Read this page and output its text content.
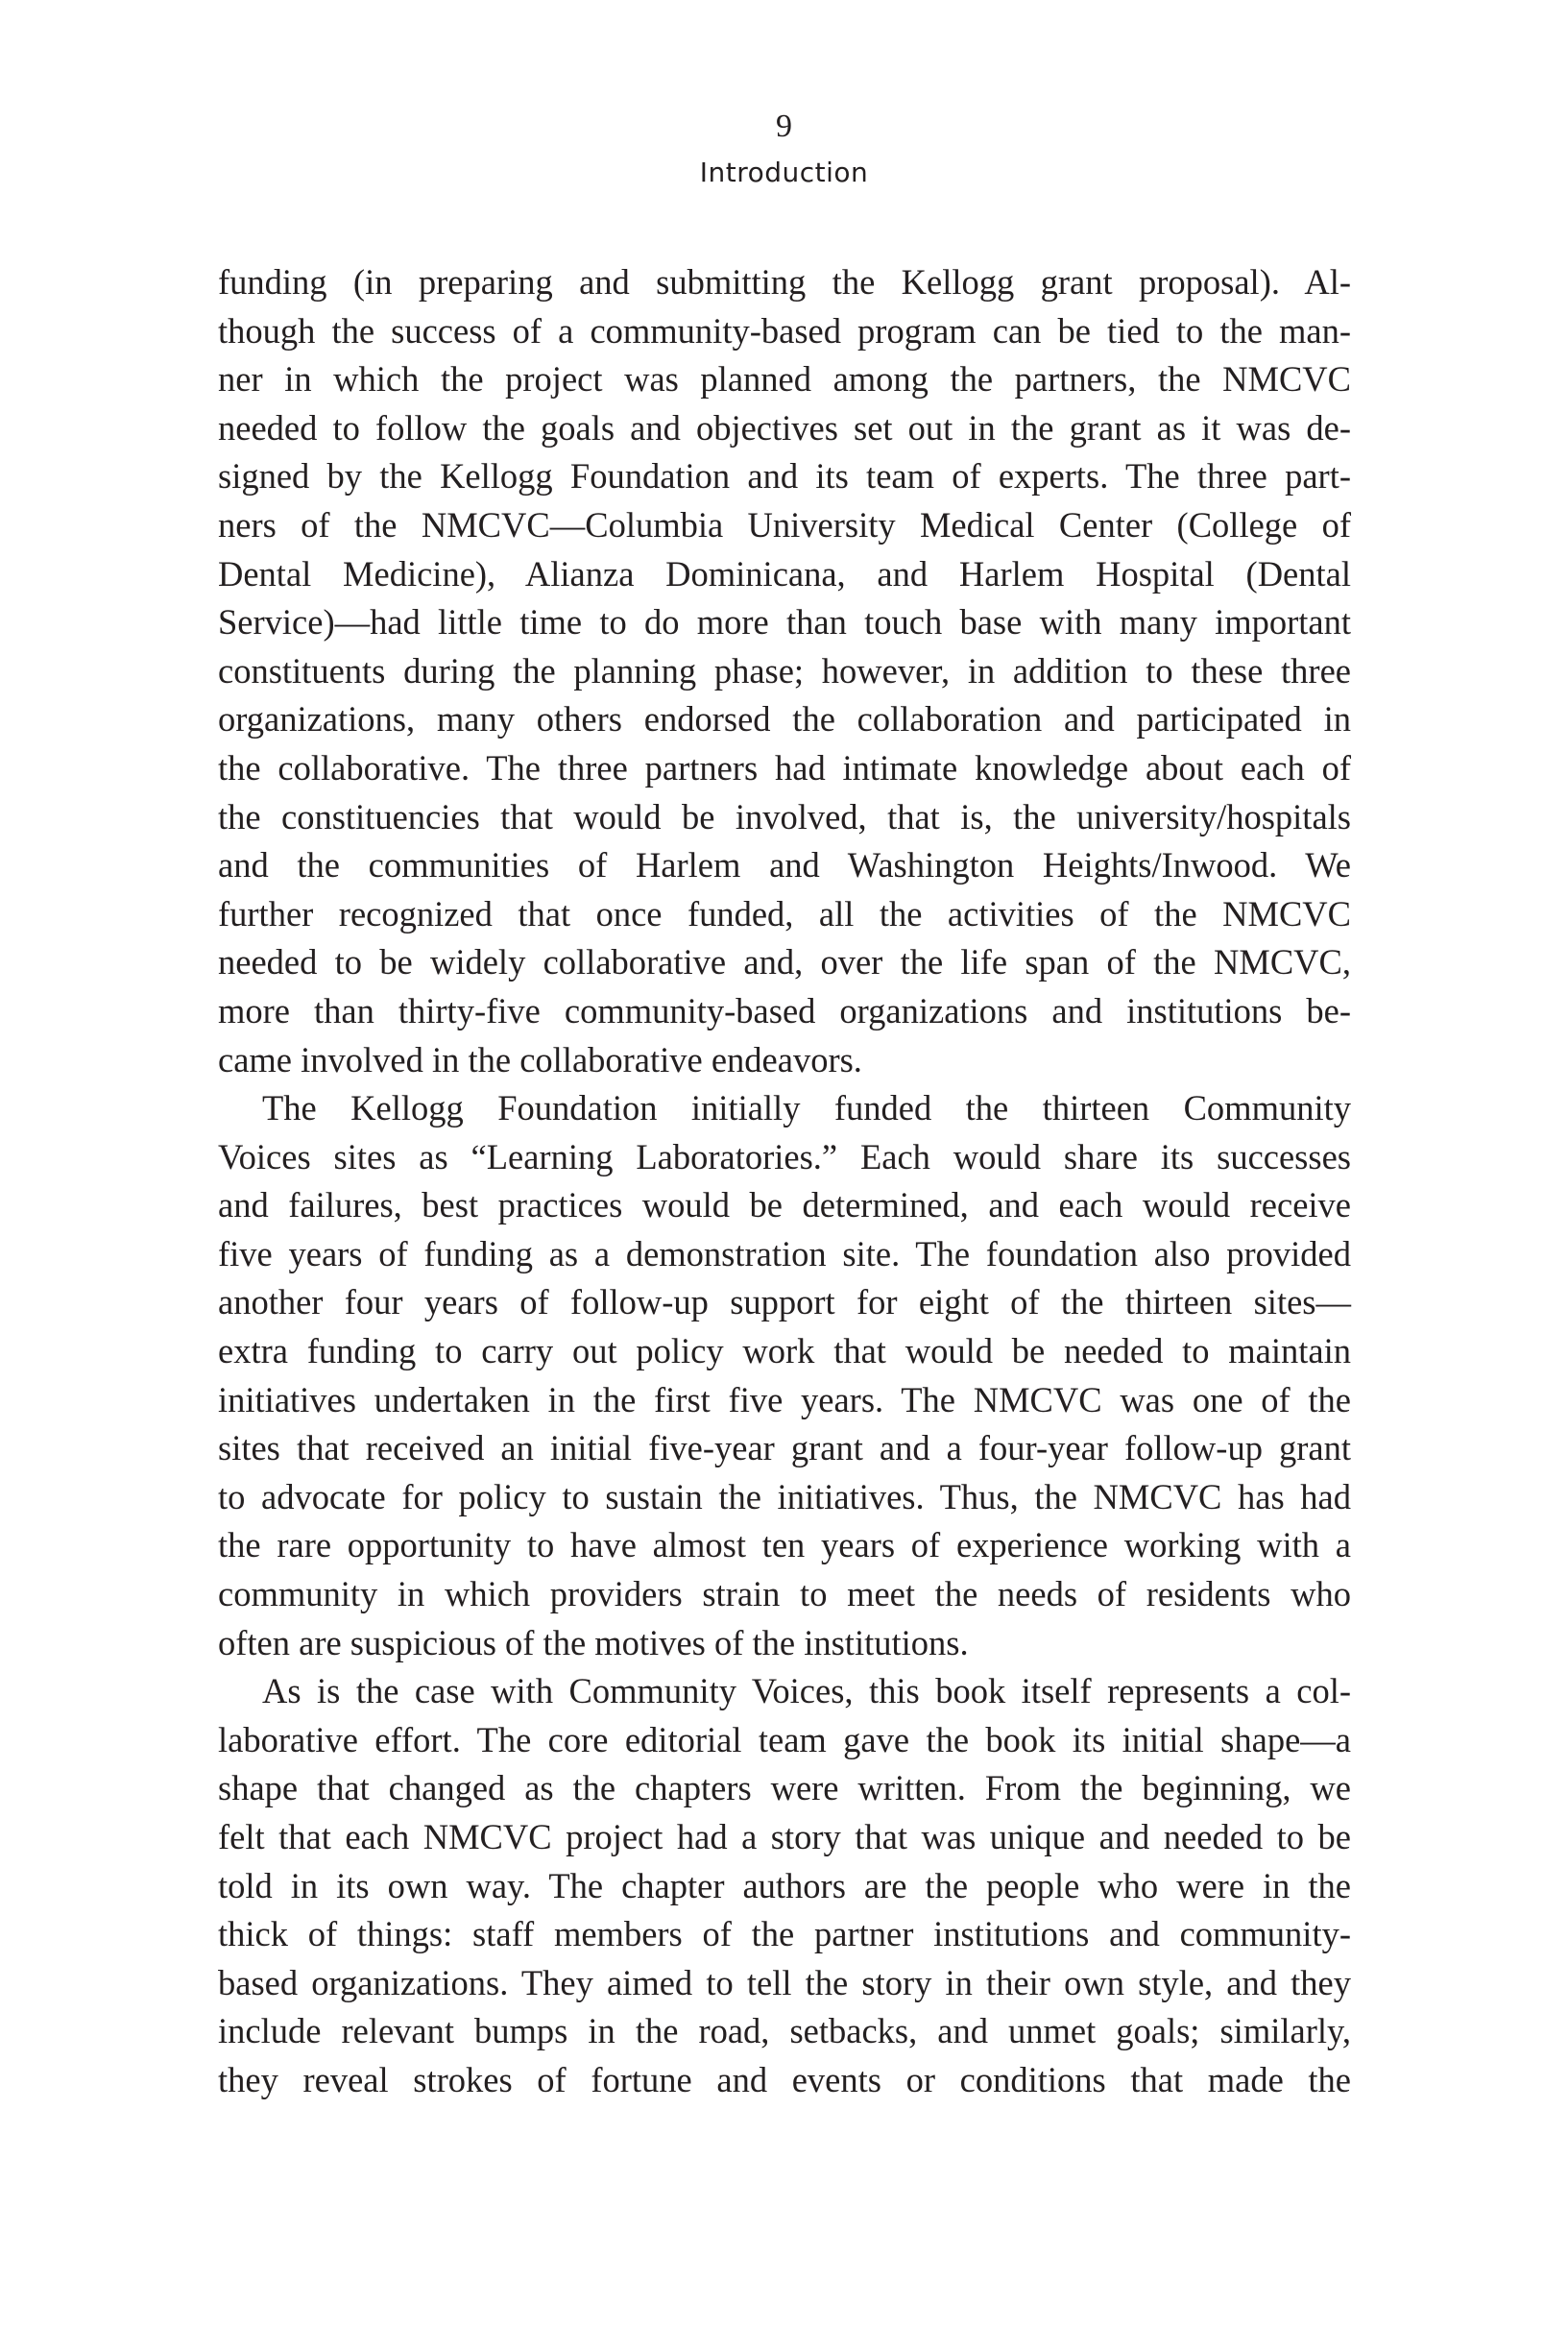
9
Introduction
funding (in preparing and submitting the Kellogg grant proposal). Al-
though the success of a community-based program can be tied to the man-
ner in which the project was planned among the partners, the NMCVC
needed to follow the goals and objectives set out in the grant as it was de-
signed by the Kellogg Foundation and its team of experts. The three part-
ners of the NMCVC—Columbia University Medical Center (College of
Dental Medicine), Alianza Dominicana, and Harlem Hospital (Dental
Service)—had little time to do more than touch base with many important
constituents during the planning phase; however, in addition to these three
organizations, many others endorsed the collaboration and participated in
the collaborative. The three partners had intimate knowledge about each of
the constituencies that would be involved, that is, the university/hospitals
and the communities of Harlem and Washington Heights/Inwood. We
further recognized that once funded, all the activities of the NMCVC
needed to be widely collaborative and, over the life span of the NMCVC,
more than thirty-five community-based organizations and institutions be-
came involved in the collaborative endeavors.
The Kellogg Foundation initially funded the thirteen Community
Voices sites as “Learning Laboratories.” Each would share its successes
and failures, best practices would be determined, and each would receive
five years of funding as a demonstration site. The foundation also provided
another four years of follow-up support for eight of the thirteen sites—
extra funding to carry out policy work that would be needed to maintain
initiatives undertaken in the first five years. The NMCVC was one of the
sites that received an initial five-year grant and a four-year follow-up grant
to advocate for policy to sustain the initiatives. Thus, the NMCVC has had
the rare opportunity to have almost ten years of experience working with a
community in which providers strain to meet the needs of residents who
often are suspicious of the motives of the institutions.
As is the case with Community Voices, this book itself represents a col-
laborative effort. The core editorial team gave the book its initial shape—a
shape that changed as the chapters were written. From the beginning, we
felt that each NMCVC project had a story that was unique and needed to be
told in its own way. The chapter authors are the people who were in the
thick of things: staff members of the partner institutions and community-
based organizations. They aimed to tell the story in their own style, and they
include relevant bumps in the road, setbacks, and unmet goals; similarly,
they reveal strokes of fortune and events or conditions that made the
